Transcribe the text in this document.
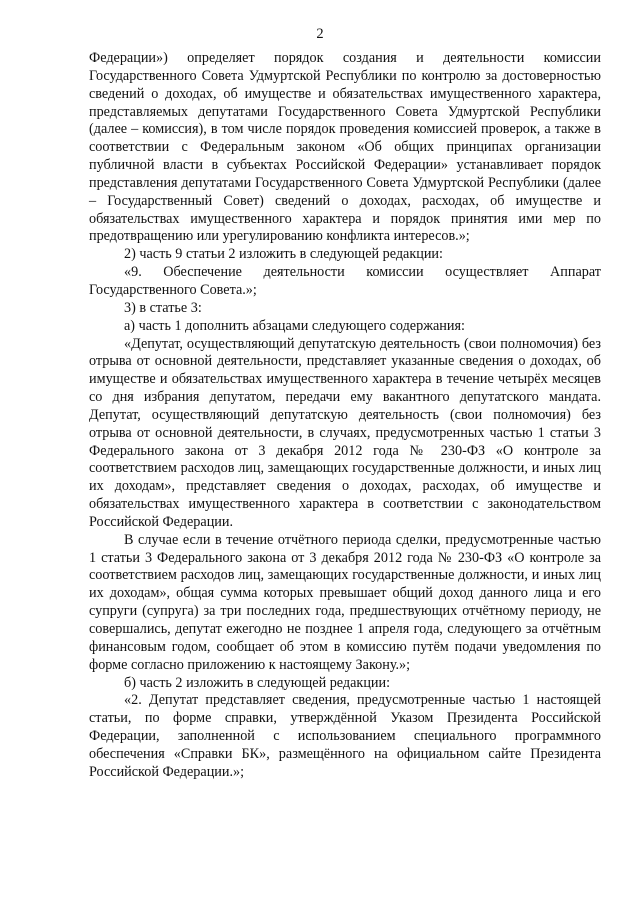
2

Федерации») определяет порядок создания и деятельности комиссии Государственного Совета Удмуртской Республики по контролю за достоверностью сведений о доходах, об имуществе и обязательствах имущественного характера, представляемых депутатами Государственного Совета Удмуртской Республики (далее – комиссия), в том числе порядок проведения комиссией проверок, а также в соответствии с Федеральным законом «Об общих принципах организации публичной власти в субъектах Российской Федерации» устанавливает порядок представления депутатами Государственного Совета Удмуртской Республики (далее – Государственный Совет) сведений о доходах, расходах, об имуществе и обязательствах имущественного характера и порядок принятия ими мер по предотвращению или урегулированию конфликта интересов.»;

2) часть 9 статьи 2 изложить в следующей редакции:

«9. Обеспечение деятельности комиссии осуществляет Аппарат Государственного Совета.»;

3) в статье 3:

а) часть 1 дополнить абзацами следующего содержания:

«Депутат, осуществляющий депутатскую деятельность (свои полномочия) без отрыва от основной деятельности, представляет указанные сведения о доходах, об имуществе и обязательствах имущественного характера в течение четырёх месяцев со дня избрания депутатом, передачи ему вакантного депутатского мандата. Депутат, осуществляющий депутатскую деятельность (свои полномочия) без отрыва от основной деятельности, в случаях, предусмотренных частью 1 статьи 3 Федерального закона от 3 декабря 2012 года № 230-ФЗ «О контроле за соответствием расходов лиц, замещающих государственные должности, и иных лиц их доходам», представляет сведения о доходах, расходах, об имуществе и обязательствах имущественного характера в соответствии с законодательством Российской Федерации.

В случае если в течение отчётного периода сделки, предусмотренные частью 1 статьи 3 Федерального закона от 3 декабря 2012 года № 230-ФЗ «О контроле за соответствием расходов лиц, замещающих государственные должности, и иных лиц их доходам», общая сумма которых превышает общий доход данного лица и его супруги (супруга) за три последних года, предшествующих отчётному периоду, не совершались, депутат ежегодно не позднее 1 апреля года, следующего за отчётным финансовым годом, сообщает об этом в комиссию путём подачи уведомления по форме согласно приложению к настоящему Закону.»;

б) часть 2 изложить в следующей редакции:

«2. Депутат представляет сведения, предусмотренные частью 1 настоящей статьи, по форме справки, утверждённой Указом Президента Российской Федерации, заполненной с использованием специального программного обеспечения «Справки БК», размещённого на официальном сайте Президента Российской Федерации.»;
